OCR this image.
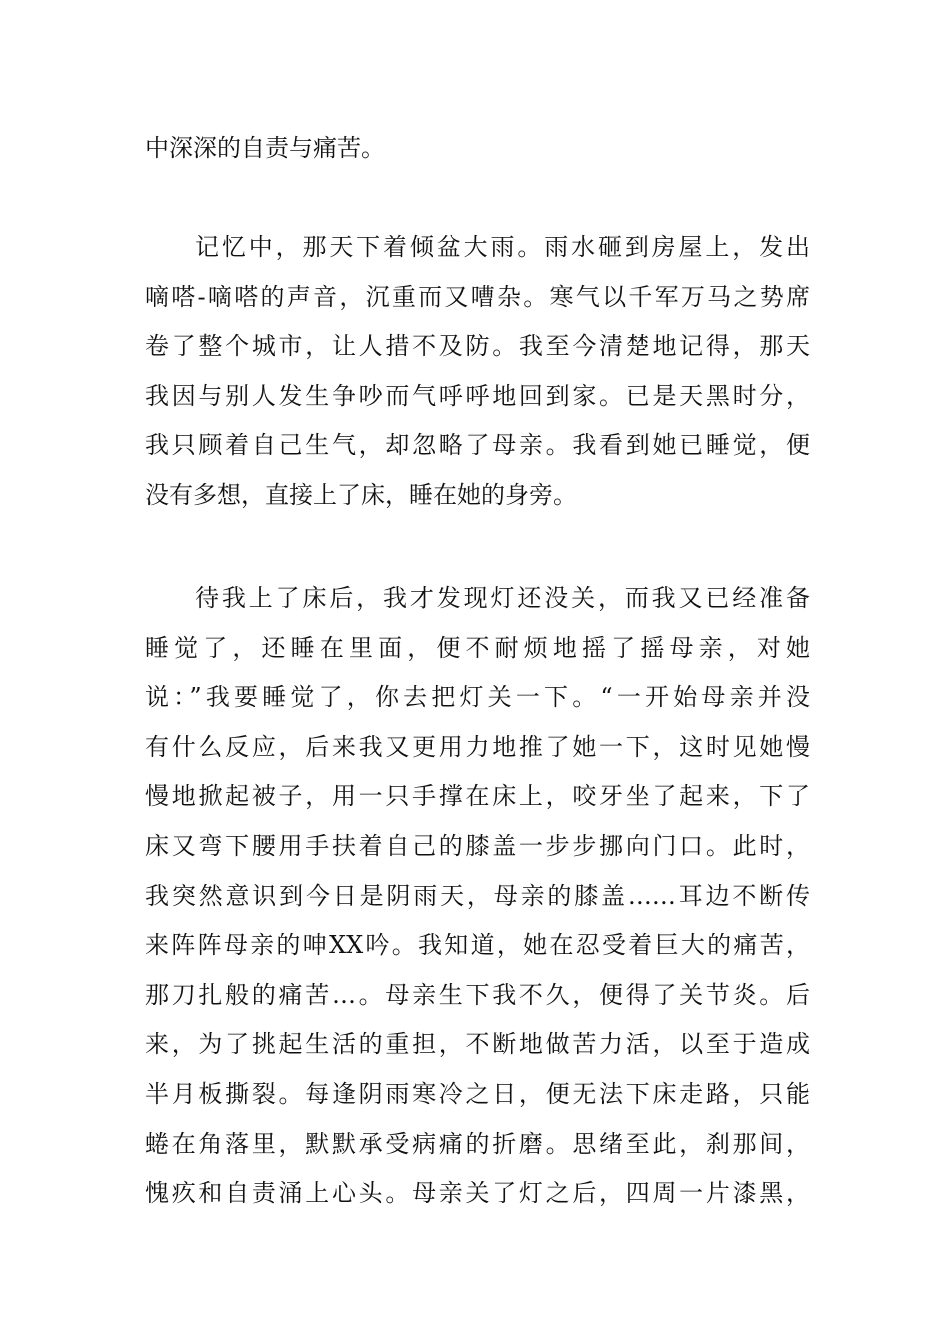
中深深的自责与痛苦。
记忆中，那天下着倾盆大雨。雨水砸到房屋上，发出
嘀嗒-嘀嗒的声音，沉重而又嘈杂。寒气以千军万马之势席
卷了整个城市，让人措不及防。我至今清楚地记得，那天
我因与别人发生争吵而气呼呼地回到家。已是天黑时分，
我只顾着自己生气，却忽略了母亲。我看到她已睡觉，便
没有多想，直接上了床，睡在她的身旁。
待我上了床后，我才发现灯还没关，而我又已经准备
睡觉了，还睡在里面，便不耐烦地摇了摇母亲，对她
说：”我要睡觉了，你去把灯关一下。“一开始母亲并没
有什么反应，后来我又更用力地推了她一下，这时见她慢
慢地掀起被子，用一只手撑在床上，咬牙坐了起来，下了
床又弯下腰用手扶着自己的膝盖一步步挪向门口。此时，
我突然意识到今日是阴雨天，母亲的膝盖……耳边不断传
来阵阵母亲的呻XX吟。我知道，她在忍受着巨大的痛苦，
那刀扎般的痛苦…。母亲生下我不久，便得了关节炎。后
来，为了挑起生活的重担，不断地做苦力活，以至于造成
半月板撕裂。每逢阴雨寒冷之日，便无法下床走路，只能
蜷在角落里，默默承受病痛的折磨。思绪至此，刹那间，
愧疚和自责涌上心头。母亲关了灯之后，四周一片漆黑，
